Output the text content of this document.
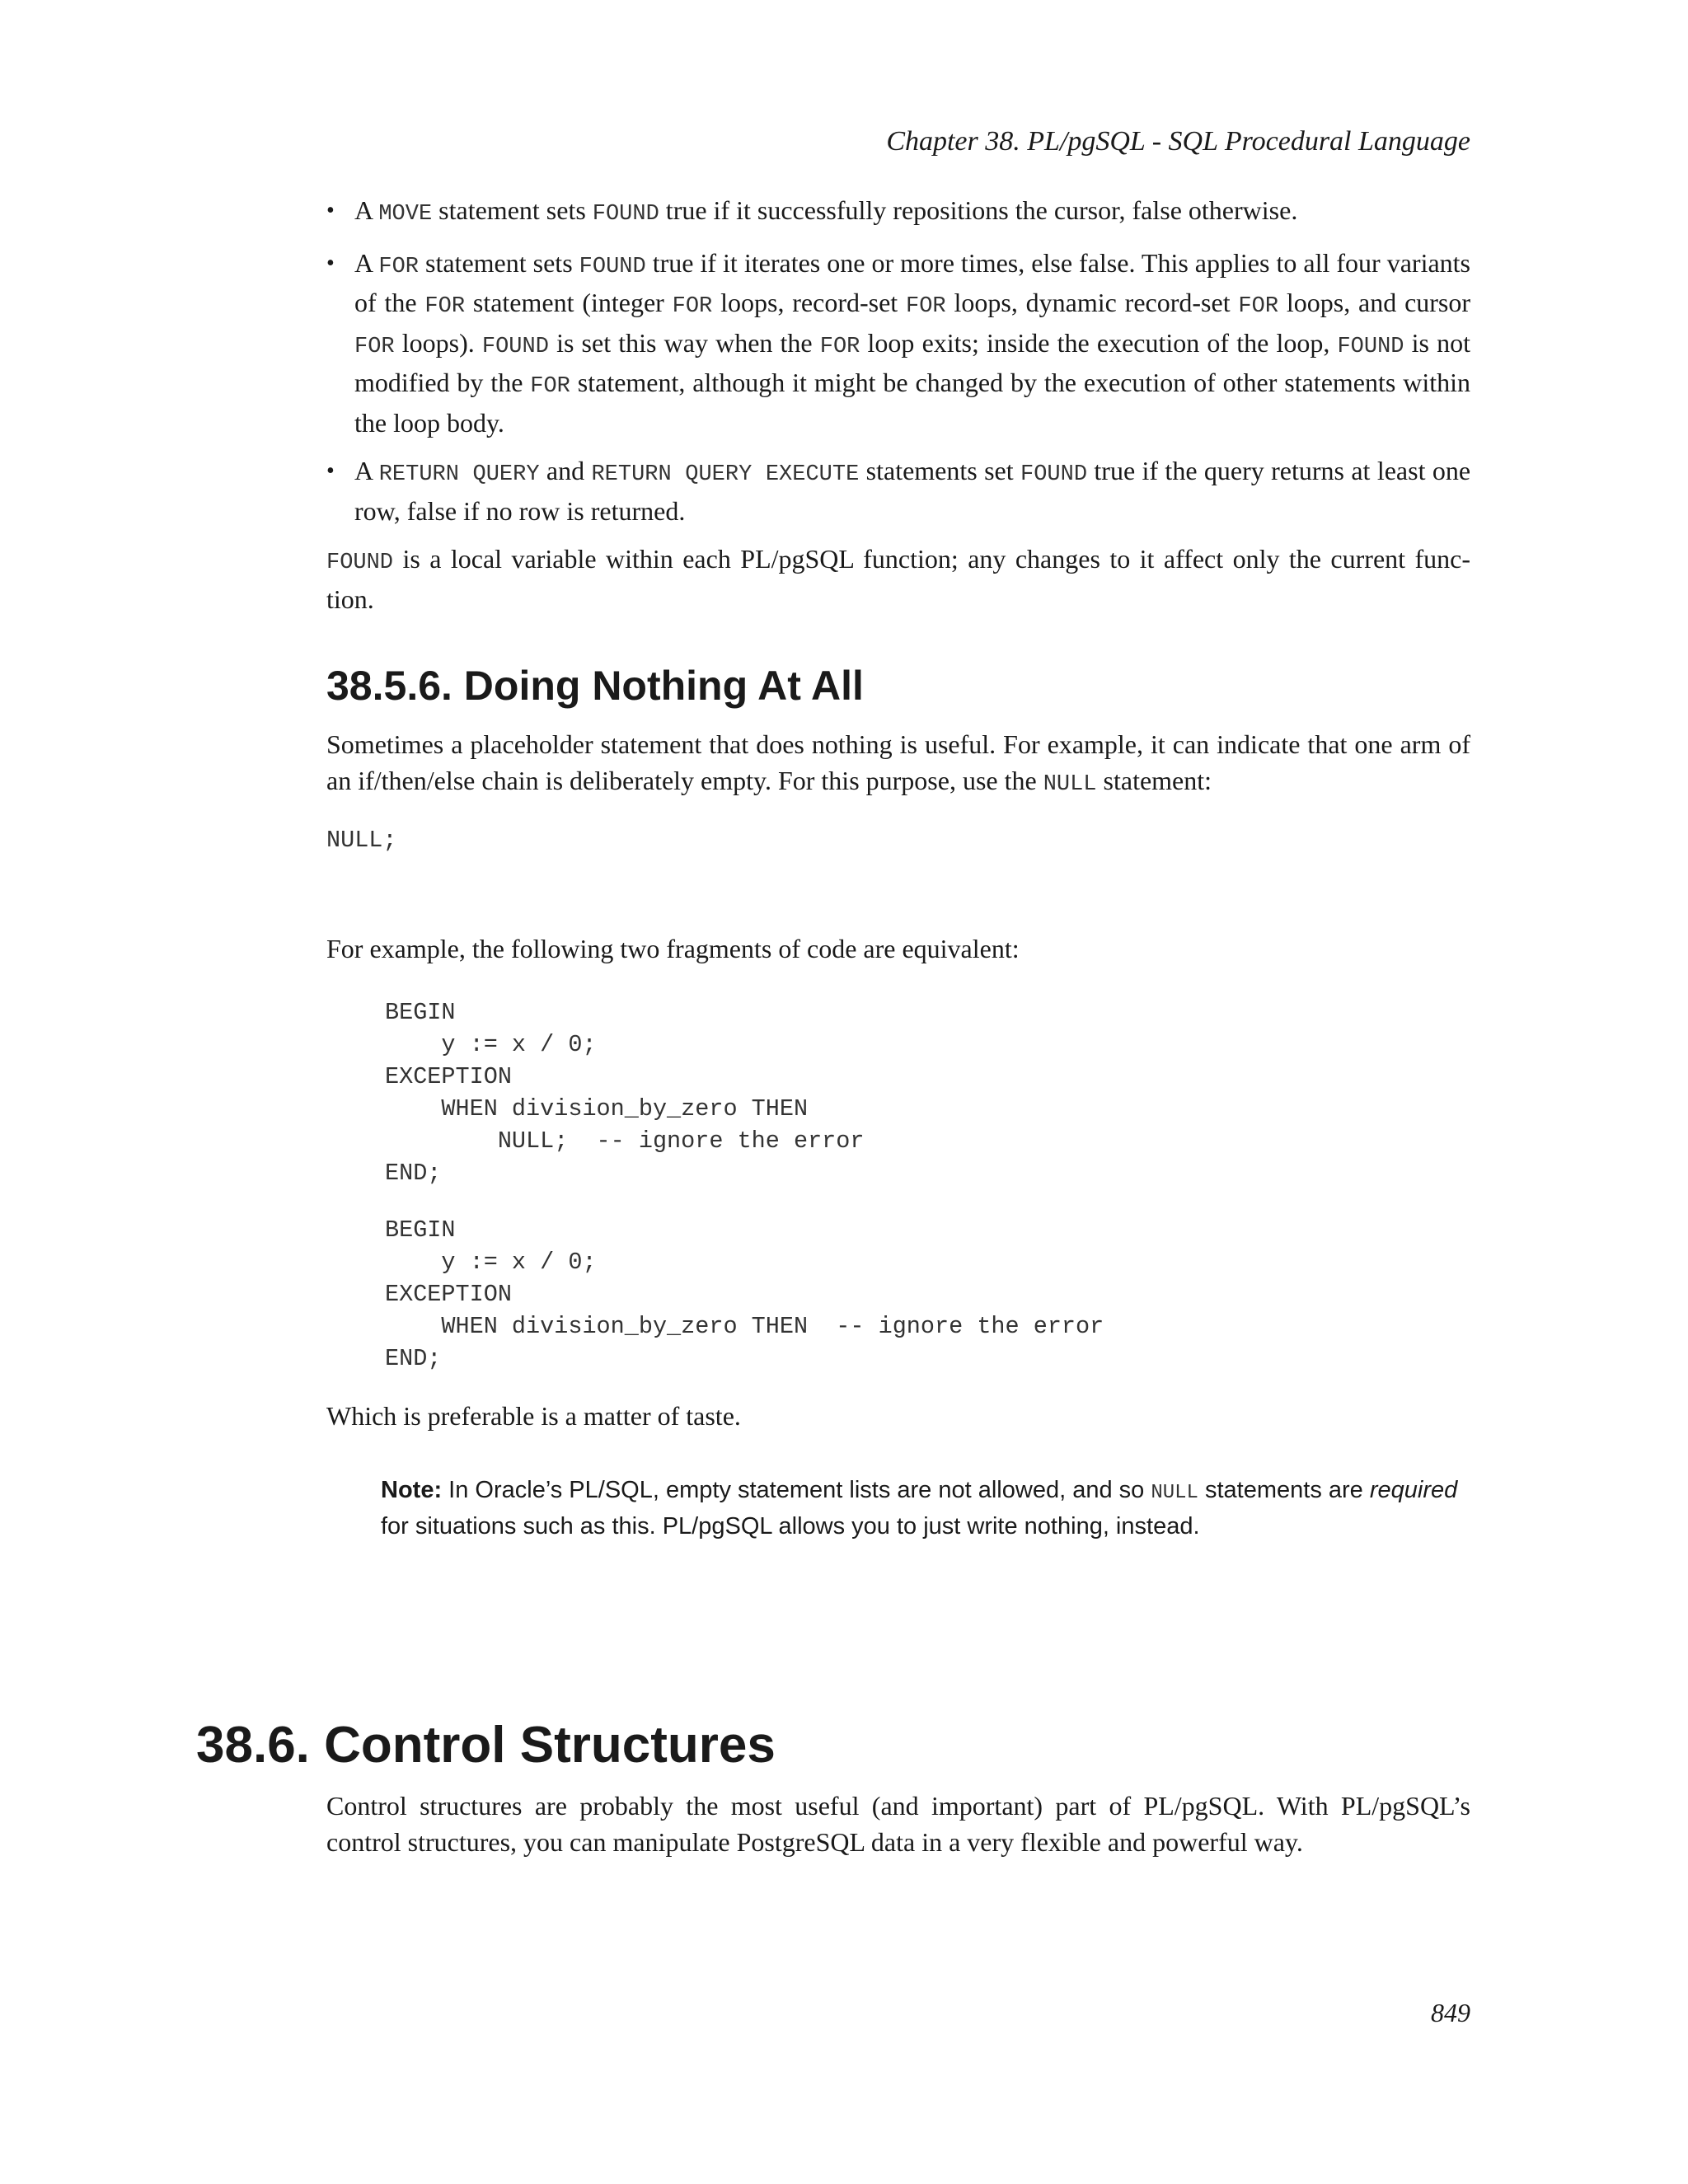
Chapter 38. PL/pgSQL - SQL Procedural Language
• A MOVE statement sets FOUND true if it successfully repositions the cursor, false otherwise.
• A FOR statement sets FOUND true if it iterates one or more times, else false. This applies to all four variants of the FOR statement (integer FOR loops, record-set FOR loops, dynamic record-set FOR loops, and cursor FOR loops). FOUND is set this way when the FOR loop exits; inside the execution of the loop, FOUND is not modified by the FOR statement, although it might be changed by the execution of other statements within the loop body.
• A RETURN QUERY and RETURN QUERY EXECUTE statements set FOUND true if the query returns at least one row, false if no row is returned.

FOUND is a local variable within each PL/pgSQL function; any changes to it affect only the current func- tion.

38.5.6. Doing Nothing At All

Sometimes a placeholder statement that does nothing is useful. For example, it can indicate that one arm of an if/then/else chain is deliberately empty. For this purpose, use the NULL statement:

NULL;

For example, the following two fragments of code are equivalent:

BEGIN
y := x / 0;
EXCEPTION
WHEN division_by_zero THEN
NULL;  -- ignore the error
END;
BEGIN
y := x / 0;
EXCEPTION
WHEN division_by_zero THEN  -- ignore the error
END;

Which is preferable is a matter of taste.

Note: In Oracle’s PL/SQL, empty statement lists are not allowed, and so NULL statements are required for situations such as this. PL/pgSQL allows you to just write nothing, instead.

38.6. Control Structures

Control structures are probably the most useful (and important) part of PL/pgSQL. With PL/pgSQL’s control structures, you can manipulate PostgreSQL data in a very flexible and powerful way.

849
